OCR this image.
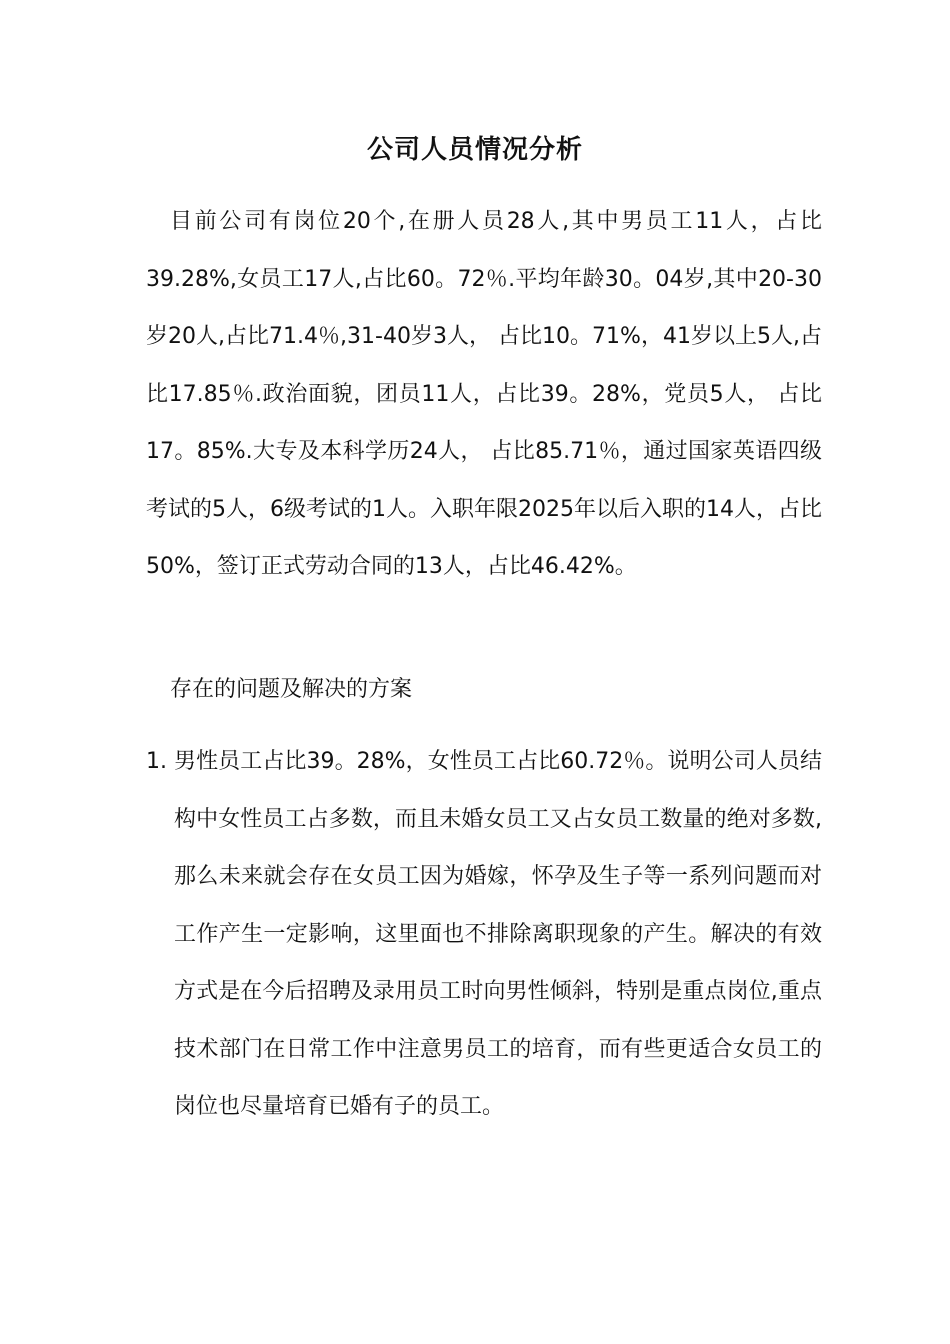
公司人员情况分析

目前公司有岗位20个,在册人员28人,其中男员工11人，占比39.28%,女员工17人,占比60。72％.平均年龄30。04岁,其中20-30岁20人,占比71.4％,31-40岁3人， 占比10。71%，41岁以上5人,占比17.85％.政治面貌，团员11人，占比39。28%，党员5人， 占比17。85%.大专及本科学历24人， 占比85.71％，通过国家英语四级考试的5人，6级考试的1人。入职年限2025年以后入职的14人，占比50%，签订正式劳动合同的13人，占比46.42%。

存在的问题及解决的方案
1. 男性员工占比39。28%，女性员工占比60.72％。说明公司人员结构中女性员工占多数，而且未婚女员工又占女员工数量的绝对多数,那么未来就会存在女员工因为婚嫁，怀孕及生子等一系列问题而对工作产生一定影响，这里面也不排除离职现象的产生。解决的有效方式是在今后招聘及录用员工时向男性倾斜，特别是重点岗位,重点技术部门在日常工作中注意男员工的培育，而有些更适合女员工的岗位也尽量培育已婚有子的员工。
